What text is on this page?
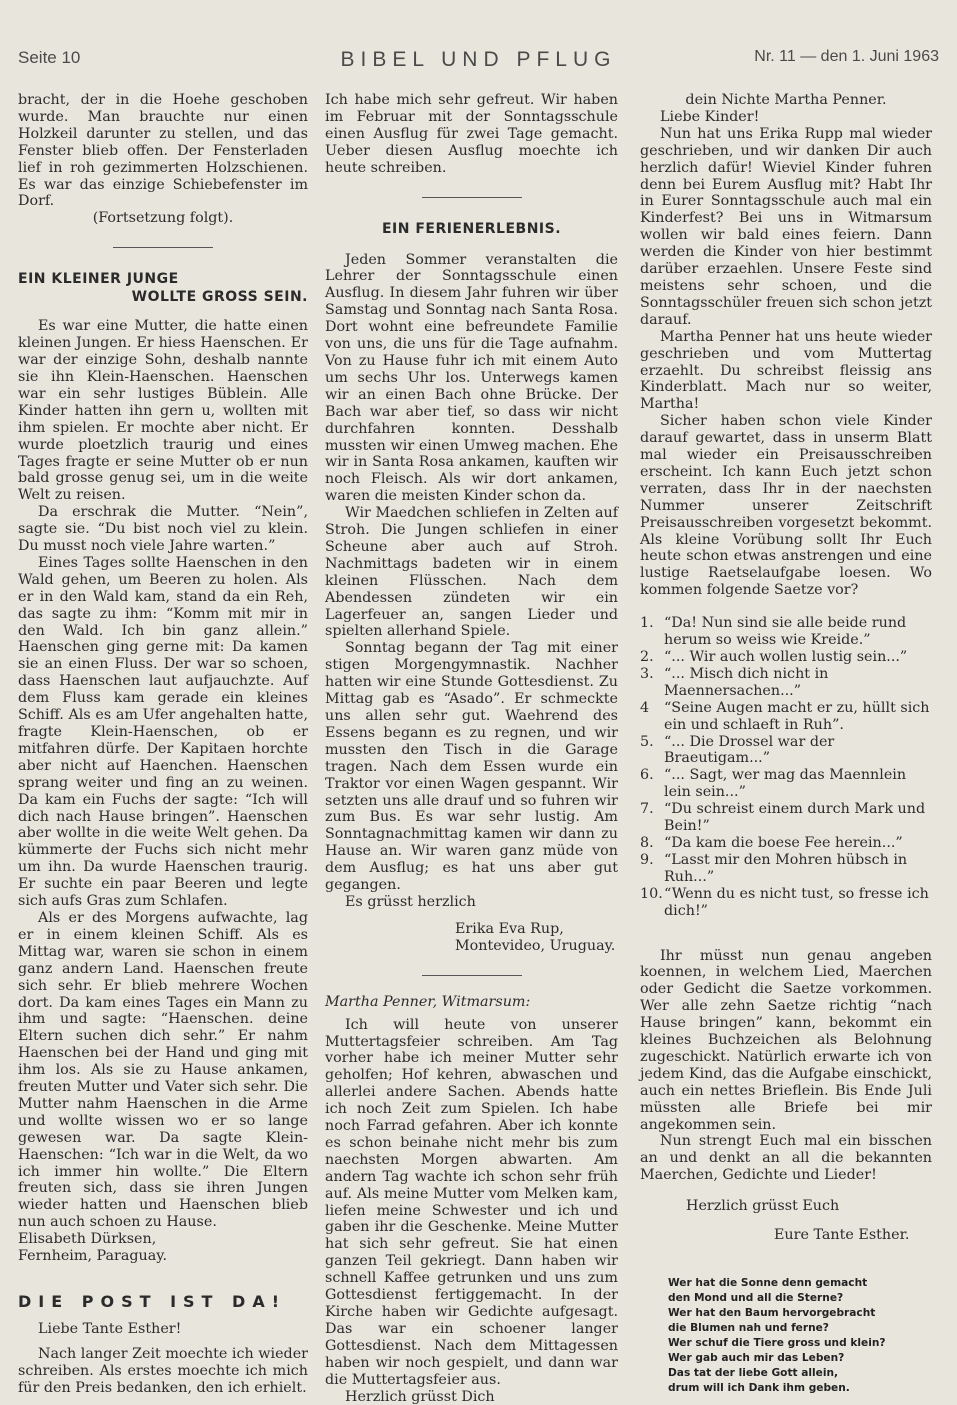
Seite 10	BIBEL UND PFLUG	Nr. 11 — den 1. Juni 1963

bracht, der in die Hoehe geschoben wurde. Man brauchte nur einen Holzkeil darunter zu stellen, und das Fenster blieb offen. Der Fensterladen lief in roh gezimmerten Holzschienen. Es war das einzige Schiebefenster im Dorf.

(Fortsetzung folgt).

EIN KLEINER JUNGE
WOLLTE GROSS SEIN.

Es war eine Mutter, die hatte einen kleinen Jungen. Er hiess Haenschen. Er war der einzige Sohn, deshalb nannte sie ihn Klein-Haenschen. Haenschen war ein sehr lustiges Büblein. Alle Kinder hatten ihn gern u, wollten mit ihm spielen. Er mochte aber nicht. Er wurde ploetzlich traurig und eines Tages fragte er seine Mutter ob er nun bald grosse genug sei, um in die weite Welt zu reisen.

Da erschrak die Mutter. “Nein”, sagte sie. “Du bist noch viel zu klein. Du musst noch viele Jahre warten.”

Eines Tages sollte Haenschen in den Wald gehen, um Beeren zu holen. Als er in den Wald kam, stand da ein Reh, das sagte zu ihm: “Komm mit mir in den Wald. Ich bin ganz allein.” Haenschen ging gerne mit: Da kamen sie an einen Fluss. Der war so schoen, dass Haenschen laut aufjauchzte. Auf dem Fluss kam gerade ein kleines Schiff. Als es am Ufer angehalten hatte, fragte Klein-Haenschen, ob er mitfahren dürfe. Der Kapitaen horchte aber nicht auf Haenchen. Haenschen sprang weiter und fing an zu weinen. Da kam ein Fuchs der sagte: “Ich will dich nach Hause bringen”. Haenschen aber wollte in die weite Welt gehen. Da kümmerte der Fuchs sich nicht mehr um ihn. Da wurde Haenschen traurig. Er suchte ein paar Beeren und legte sich aufs Gras zum Schlafen.

Als er des Morgens aufwachte, lag er in einem kleinen Schiff. Als es Mittag war, waren sie schon in einem ganz andern Land. Haenschen freute sich sehr. Er blieb mehrere Wochen dort. Da kam eines Tages ein Mann zu ihm und sagte: “Haenschen. deine Eltern suchen dich sehr.” Er nahm Haenschen bei der Hand und ging mit ihm los. Als sie zu Hause ankamen, freuten Mutter und Vater sich sehr. Die Mutter nahm Haenschen in die Arme und wollte wissen wo er so lange gewesen war. Da sagte Klein-Haenschen: “Ich war in die Welt, da wo ich immer hin wollte.” Die Eltern freuten sich, dass sie ihren Jungen wieder hatten und Haenschen blieb nun auch schoen zu Hause.

Elisabeth Dürksen,

Fernheim, Paraguay.

DIE POST IST DA!

Liebe Tante Esther!

Nach langer Zeit moechte ich wieder schreiben. Als erstes moechte ich mich für den Preis bedanken, den ich erhielt.

Ich habe mich sehr gefreut. Wir haben im Februar mit der Sonntagsschule einen Ausflug für zwei Tage gemacht. Ueber diesen Ausflug moechte ich heute schreiben.

EIN FERIENERLEBNIS.

Jeden Sommer veranstalten die Lehrer der Sonntagsschule einen Ausflug. In diesem Jahr fuhren wir über Samstag und Sonntag nach Santa Rosa. Dort wohnt eine befreundete Familie von uns, die uns für die Tage aufnahm. Von zu Hause fuhr ich mit einem Auto um sechs Uhr los. Unterwegs kamen wir an einen Bach ohne Brücke. Der Bach war aber tief, so dass wir nicht durchfahren konnten. Desshalb mussten wir einen Umweg machen. Ehe wir in Santa Rosa ankamen, kauften wir noch Fleisch. Als wir dort ankamen, waren die meisten Kinder schon da.

Wir Maedchen schliefen in Zelten auf Stroh. Die Jungen schliefen in einer Scheune aber auch auf Stroh. Nachmittags badeten wir in einem kleinen Flüsschen. Nach dem Abendessen zündeten wir ein Lagerfeuer an, sangen Lieder und spielten allerhand Spiele.

Sonntag begann der Tag mit einer stigen Morgengymnastik. Nachher hatten wir eine Stunde Gottesdienst. Zu Mittag gab es “Asado”. Er schmeckte uns allen sehr gut. Waehrend des Essens begann es zu regnen, und wir mussten den Tisch in die Garage tragen. Nach dem Essen wurde ein Traktor vor einen Wagen gespannt. Wir setzten uns alle drauf und so fuhren wir zum Bus. Es war sehr lustig. Am Sonntagnachmittag kamen wir dann zu Hause an. Wir waren ganz müde von dem Ausflug; es hat uns aber gut gegangen.

Es grüsst herzlich

Erika Eva Rup,

Montevideo, Uruguay.

Martha Penner, Witmarsum:

Ich will heute von unserer Muttertagsfeier schreiben. Am Tag vorher habe ich meiner Mutter sehr geholfen; Hof kehren, abwaschen und allerlei andere Sachen. Abends hatte ich noch Zeit zum Spielen. Ich habe noch Farrad gefahren. Aber ich konnte es schon beinahe nicht mehr bis zum naechsten Morgen abwarten. Am andern Tag wachte ich schon sehr früh auf. Als meine Mutter vom Melken kam, liefen meine Schwester und ich und gaben ihr die Geschenke. Meine Mutter hat sich sehr gefreut. Sie hat einen ganzen Teil gekriegt. Dann haben wir schnell Kaffee getrunken und uns zum Gottesdienst fertiggemacht. In der Kirche haben wir Gedichte aufgesagt. Das war ein schoener langer Gottesdienst. Nach dem Mittagessen haben wir noch gespielt, und dann war die Muttertagsfeier aus.

Herzlich grüsst Dich

dein Nichte Martha Penner.

Liebe Kinder!

Nun hat uns Erika Rupp mal wieder geschrieben, und wir danken Dir auch herzlich dafür! Wieviel Kinder fuhren denn bei Eurem Ausflug mit? Habt Ihr in Eurer Sonntagsschule auch mal ein Kinderfest? Bei uns in Witmarsum wollen wir bald eines feiern. Dann werden die Kinder von hier bestimmt darüber erzaehlen. Unsere Feste sind meistens sehr schoen, und die Sonntagsschüler freuen sich schon jetzt darauf.

Martha Penner hat uns heute wieder geschrieben und vom Muttertag erzaehlt. Du schreibst fleissig ans Kinderblatt. Mach nur so weiter, Martha!

Sicher haben schon viele Kinder darauf gewartet, dass in unserm Blatt mal wieder ein Preisausschreiben erscheint. Ich kann Euch jetzt schon verraten, dass Ihr in der naechsten Nummer unserer Zeitschrift Preisausschreiben vorgesetzt bekommt. Als kleine Vorübung sollt Ihr Euch heute schon etwas anstrengen und eine lustige Raetselaufgabe loesen. Wo kommen folgende Saetze vor?

1. “Da! Nun sind sie alle beide rund herum so weiss wie Kreide.”
2. “... Wir auch wollen lustig sein...”
3. “... Misch dich nicht in Maennersachen...”
4	“Seine Augen macht er zu, hüllt sich ein und schlaeft in Ruh”.
5. “... Die Drossel war der Braeutigam...”
6. “... Sagt, wer mag das Maennlein lein sein...”
7. “Du schreist einem durch Mark und Bein!”
8. “Da kam die boese Fee herein...”
9. “Lasst mir den Mohren hübsch in Ruh...”
10. “Wenn du es nicht tust, so fresse ich dich!”

Ihr müsst nun genau angeben koennen, in welchem Lied, Maerchen oder Gedicht die Saetze vorkommen. Wer alle zehn Saetze richtig “nach Hause bringen” kann, bekommt ein kleines Buchzeichen als Belohnung zugeschickt. Natürlich erwarte ich von jedem Kind, das die Aufgabe einschickt, auch ein nettes Brieflein. Bis Ende Juli müssten alle Briefe bei mir angekommen sein.

Nun strengt Euch mal ein bisschen an und denkt an all die bekannten Maerchen, Gedichte und Lieder!

Herzlich grüsst Euch

Eure Tante Esther.

Wer hat die Sonne denn gemacht
den Mond und all die Sterne?
Wer hat den Baum hervorgebracht
die Blumen nah und ferne?
Wer schuf die Tiere gross und klein?
Wer gab auch mir das Leben?
Das tat der liebe Gott allein,
drum will ich Dank ihm geben.
